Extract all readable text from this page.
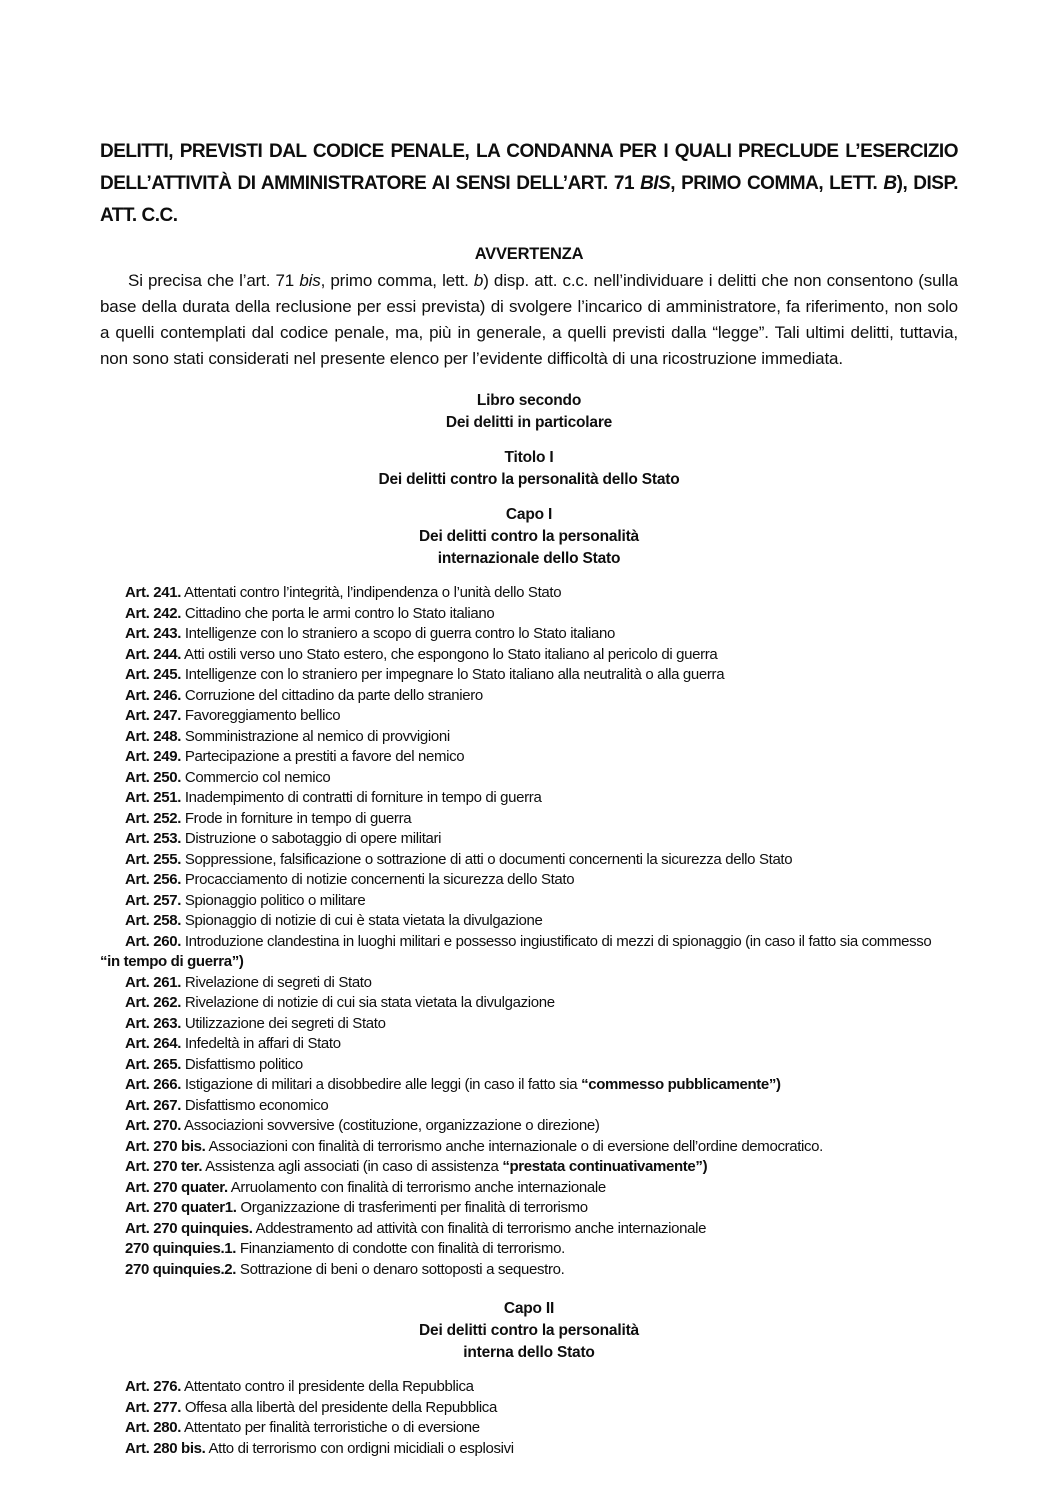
DELITTI, PREVISTI DAL CODICE PENALE, LA CONDANNA PER I QUALI PRECLUDE L’ESERCIZIO DELL’ATTIVITÀ DI AMMINISTRATORE AI SENSI DELL’ART. 71 BIS, PRIMO COMMA, LETT. B), DISP. ATT. C.C.

AVVERTENZA

Si precisa che l’art. 71 bis, primo comma, lett. b) disp. att. c.c. nell’individuare i delitti che non consentono (sulla base della durata della reclusione per essi prevista) di svolgere l’incarico di amministratore, fa riferimento, non solo a quelli contemplati dal codice penale, ma, più in generale, a quelli previsti dalla “legge”. Tali ultimi delitti, tuttavia, non sono stati considerati nel presente elenco per l’evidente difficoltà di una ricostruzione immediata.

Libro secondo
Dei delitti in particolare
Titolo I
Dei delitti contro la personalità dello Stato
Capo I
Dei delitti contro la personalità
internazionale dello Stato

Art. 241. Attentati contro l’integrità, l’indipendenza o l’unità dello Stato

Art. 242. Cittadino che porta le armi contro lo Stato italiano

Art. 243. Intelligenze con lo straniero a scopo di guerra contro lo Stato italiano

Art. 244. Atti ostili verso uno Stato estero, che espongono lo Stato italiano al pericolo di guerra

Art. 245. Intelligenze con lo straniero per impegnare lo Stato italiano alla neutralità o alla guerra

Art. 246. Corruzione del cittadino da parte dello straniero

Art. 247. Favoreggiamento bellico

Art. 248. Somministrazione al nemico di provvigioni

Art. 249. Partecipazione a prestiti a favore del nemico

Art. 250. Commercio col nemico

Art. 251. Inadempimento di contratti di forniture in tempo di guerra

Art. 252. Frode in forniture in tempo di guerra

Art. 253. Distruzione o sabotaggio di opere militari

Art. 255. Soppressione, falsificazione o sottrazione di atti o documenti concernenti la sicurezza dello Stato

Art. 256. Procacciamento di notizie concernenti la sicurezza dello Stato

Art. 257. Spionaggio politico o militare

Art. 258. Spionaggio di notizie di cui è stata vietata la divulgazione

Art. 260. Introduzione clandestina in luoghi militari e possesso ingiustificato di mezzi di spionaggio (in caso il fatto sia commesso
“in tempo di guerra”)

Art. 261. Rivelazione di segreti di Stato

Art. 262. Rivelazione di notizie di cui sia stata vietata la divulgazione

Art. 263. Utilizzazione dei segreti di Stato

Art. 264. Infedeltà in affari di Stato

Art. 265. Disfattismo politico

Art. 266. Istigazione di militari a disobbedire alle leggi (in caso il fatto sia “commesso pubblicamente”)

Art. 267. Disfattismo economico

Art. 270. Associazioni sovversive (costituzione, organizzazione o direzione)

Art. 270 bis. Associazioni con finalità di terrorismo anche internazionale o di eversione dell’ordine democratico.

Art. 270 ter. Assistenza agli associati (in caso di assistenza “prestata continuativamente”)

Art. 270 quater. Arruolamento con finalità di terrorismo anche internazionale

Art. 270 quater1. Organizzazione di trasferimenti per finalità di terrorismo

Art. 270 quinquies. Addestramento ad attività con finalità di terrorismo anche internazionale

270 quinquies.1. Finanziamento di condotte con finalità di terrorismo.

270 quinquies.2. Sottrazione di beni o denaro sottoposti a sequestro.

Capo II
Dei delitti contro la personalità
interna dello Stato

Art. 276. Attentato contro il presidente della Repubblica

Art. 277. Offesa alla libertà del presidente della Repubblica

Art. 280. Attentato per finalità terroristiche o di eversione

Art. 280 bis. Atto di terrorismo con ordigni micidiali o esplosivi
